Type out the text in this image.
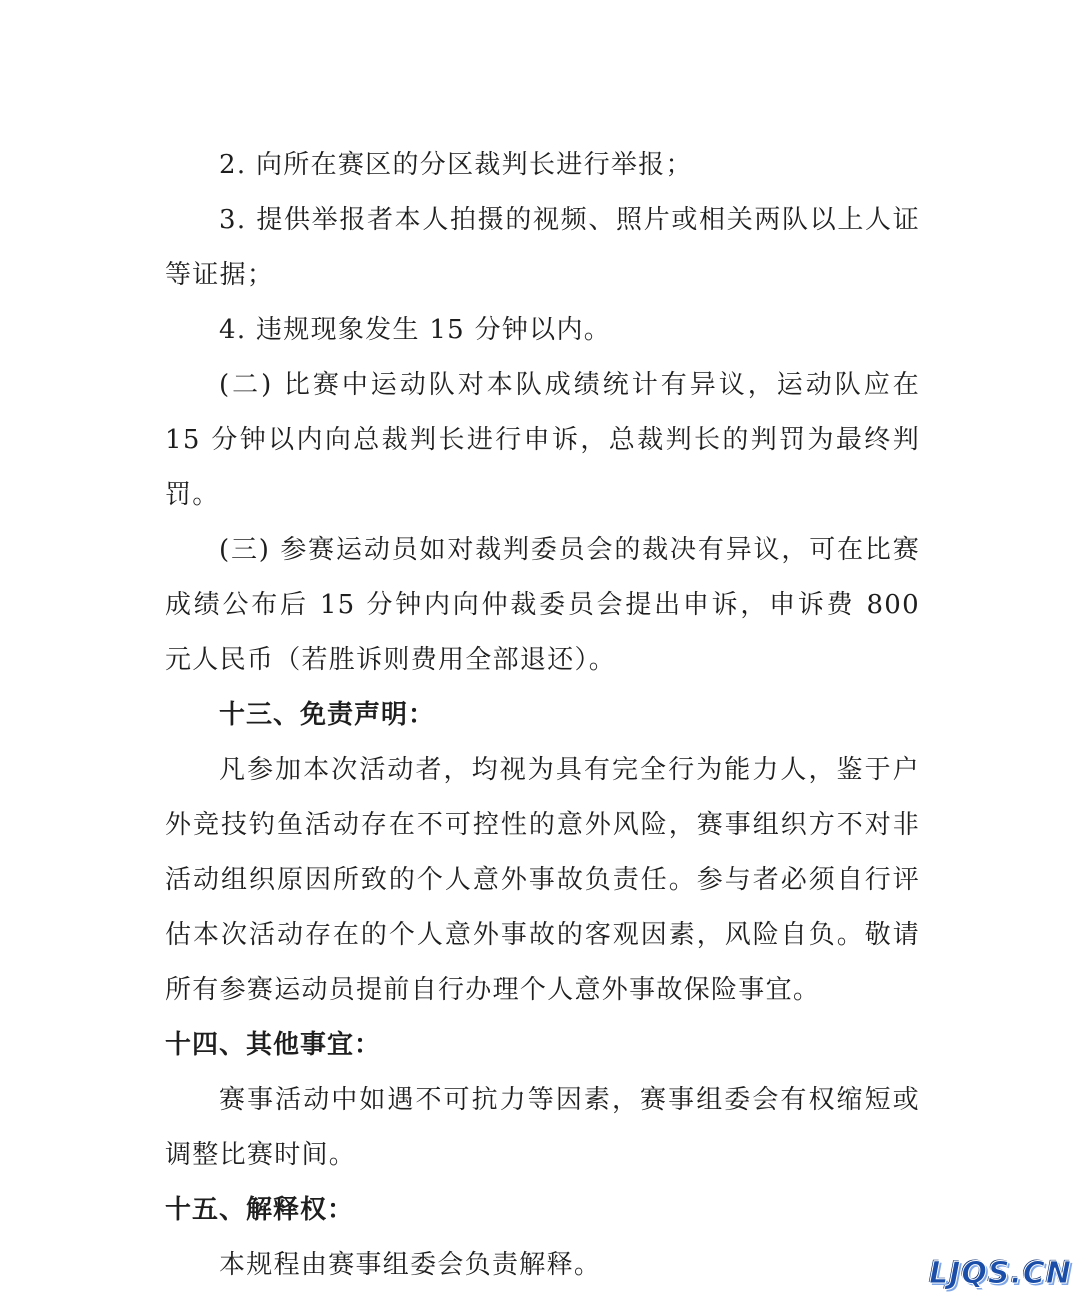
2. 向所在赛区的分区裁判长进行举报；

3. 提供举报者本人拍摄的视频、照片或相关两队以上人证等证据；

4. 违规现象发生 15 分钟以内。

(二) 比赛中运动队对本队成绩统计有异议，运动队应在 15 分钟以内向总裁判长进行申诉，总裁判长的判罚为最终判罚。

(三) 参赛运动员如对裁判委员会的裁决有异议，可在比赛成绩公布后 15 分钟内向仲裁委员会提出申诉，申诉费 800 元人民币（若胜诉则费用全部退还）。

十三、免责声明：

凡参加本次活动者，均视为具有完全行为能力人，鉴于户外竞技钓鱼活动存在不可控性的意外风险，赛事组织方不对非活动组织原因所致的个人意外事故负责任。参与者必须自行评估本次活动存在的个人意外事故的客观因素，风险自负。敬请所有参赛运动员提前自行办理个人意外事故保险事宜。

十四、其他事宜：

赛事活动中如遇不可抗力等因素，赛事组委会有权缩短或调整比赛时间。

十五、解释权：

本规程由赛事组委会负责解释。	LJQS.CN
